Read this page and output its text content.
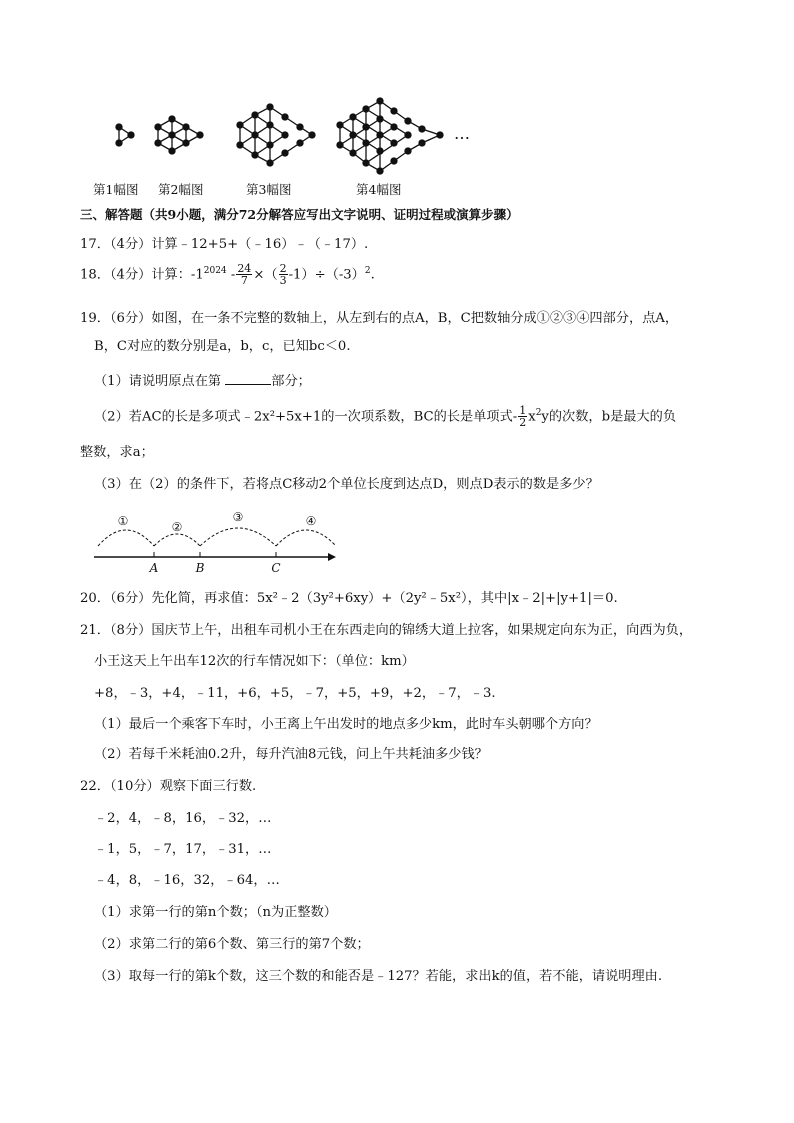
…
第1幅图 第2幅图	第3幅图	第4幅图
三、解答题（共9小题，满分72分解答应写出文字说明、证明过程或演算步骤）
17．（4分）计算﹣12+5+（﹣16）﹣（﹣17）.
18．（4分）计算：$-1^{2024} - \frac{24}{7}$ ×（ $\frac{2}{3} -1)\div(-3)^2$.
19．（6分）如图，在一条不完整的数轴上，从左到右的点A，B，C把数轴分成①②③④四部分，点A，
B，C对应的数分别是a，b，c，已知bc＜0.
（1）请说明原点在第	部分；
（2）若AC的长是多项式﹣2x²+5x+1的一次项系数，BC的长是单项式- $\frac{1}{2} x^2y$的次数，b是最大的负
整数，求a；
（3）在（2）的条件下，若将点C移动2个单位长度到达点D，则点D表示的数是多少？
①	②
③	④
A	B	C
20．（6分）先化简，再求值：5x²﹣2（3y²+6xy）+（2y²﹣5x²），其中|x﹣2|+|y+1|＝0.
21．（8分）国庆节上午，出租车司机小王在东西走向的锦绣大道上拉客，如果规定向东为正，向西为负，
小王这天上午出车12次的行车情况如下：（单位：km）
+8，﹣3，+4，﹣11，+6，+5，﹣7，+5，+9，+2，﹣7，﹣3.
（1）最后一个乘客下车时，小王离上午出发时的地点多少km，此时车头朝哪个方向？
（2）若每千米耗油0.2升，每升汽油8元钱，问上午共耗油多少钱？
22．（10分）观察下面三行数.
﹣2，4，﹣8，16，﹣32，…
﹣1，5，﹣7，17，﹣31，…
﹣4，8，﹣16，32，﹣64，…
（1）求第一行的第n个数；（n为正整数）
（2）求第二行的第6个数、第三行的第7个数；
（3）取每一行的第k个数，这三个数的和能否是﹣127？若能，求出k的值，若不能，请说明理由.
